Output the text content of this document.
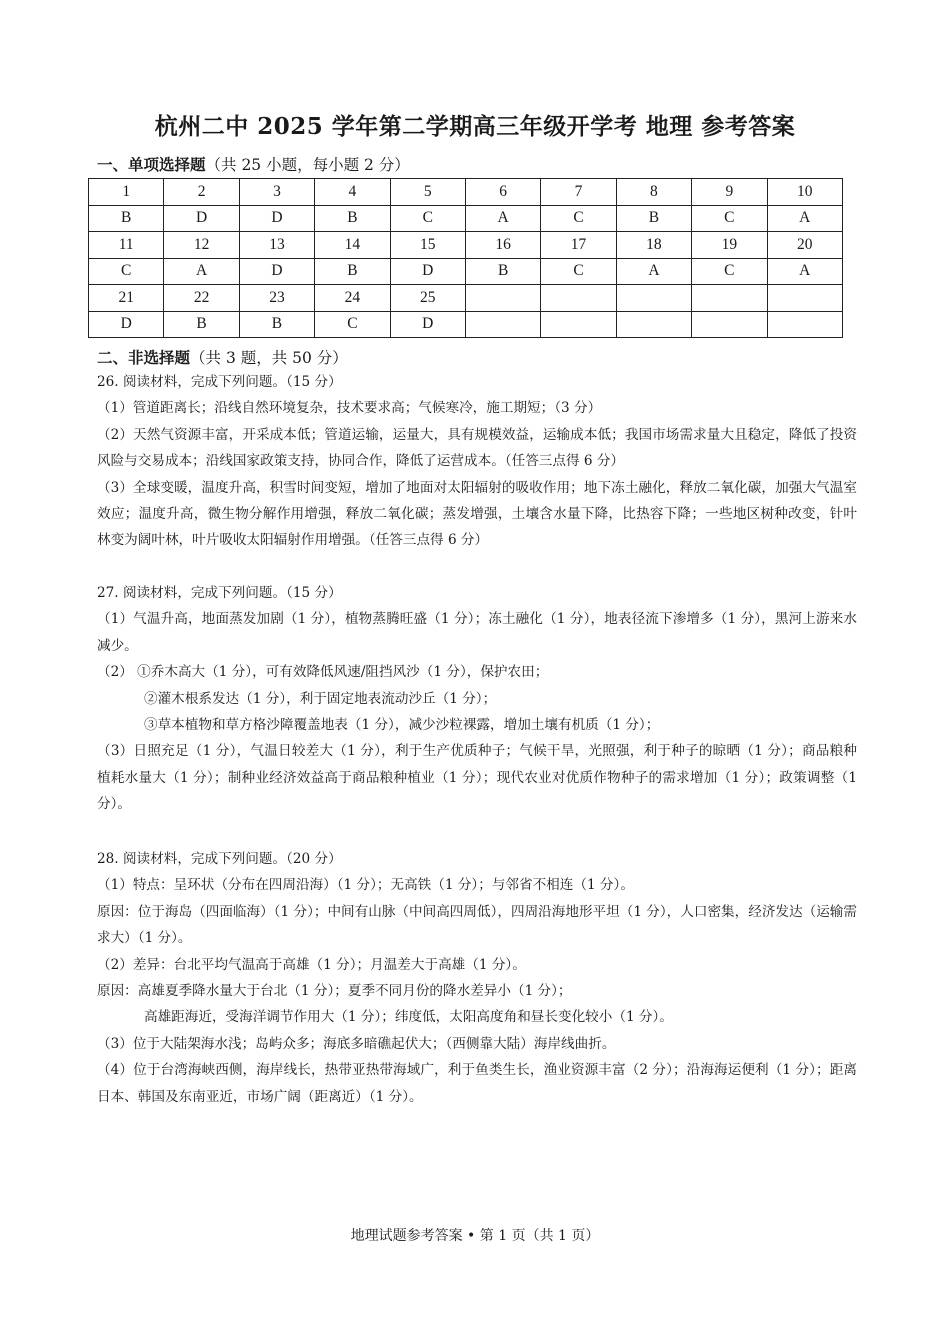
杭州二中 2025 学年第二学期高三年级开学考 地理 参考答案
一、单项选择题（共 25 小题，每小题 2 分）
1	2	3	4	5	6	7	8	9	10
B	D	D	B	C	A	C	B	C	A
11	12	13	14	15	16	17	18	19	20
C	A	D	B	D	B	C	A	C	A
21	22	23	24	25					
D	B	B	C	D					
二、非选择题（共 3 题，共 50 分）

26. 阅读材料，完成下列问题。（15 分）

（1）管道距离长；沿线自然环境复杂，技术要求高；气候寒冷，施工期短；（3 分）

（2）天然气资源丰富，开采成本低；管道运输，运量大，具有规模效益，运输成本低；我国市场需求量大且稳定，降低了投资风险与交易成本；沿线国家政策支持，协同合作，降低了运营成本。（任答三点得 6 分）

（3）全球变暖，温度升高，积雪时间变短，增加了地面对太阳辐射的吸收作用；地下冻土融化，释放二氧化碳，加强大气温室效应；温度升高，微生物分解作用增强，释放二氧化碳；蒸发增强，土壤含水量下降，比热容下降；一些地区树种改变，针叶林变为阔叶林，叶片吸收太阳辐射作用增强。（任答三点得 6 分）

27. 阅读材料，完成下列问题。（15 分）

（1）气温升高，地面蒸发加剧（1 分），植物蒸腾旺盛（1 分）；冻土融化（1 分），地表径流下渗增多（1 分），黑河上游来水减少。

（2） ①乔木高大（1 分），可有效降低风速/阻挡风沙（1 分），保护农田；

②灌木根系发达（1 分），利于固定地表流动沙丘（1 分）；

③草本植物和草方格沙障覆盖地表（1 分），减少沙粒裸露，增加土壤有机质（1 分）；

（3）日照充足（1 分），气温日较差大（1 分），利于生产优质种子；气候干旱，光照强，利于种子的晾晒（1 分）；商品粮种植耗水量大（1 分）；制种业经济效益高于商品粮种植业（1 分）；现代农业对优质作物种子的需求增加（1 分）；政策调整（1 分）。

28. 阅读材料，完成下列问题。（20 分）

（1）特点：呈环状（分布在四周沿海）（1 分）；无高铁（1 分）；与邻省不相连（1 分）。

原因：位于海岛（四面临海）（1 分）；中间有山脉（中间高四周低），四周沿海地形平坦（1 分），人口密集，经济发达（运输需求大）（1 分）。

（2）差异：台北平均气温高于高雄（1 分）；月温差大于高雄（1 分）。

原因：高雄夏季降水量大于台北（1 分）；夏季不同月份的降水差异小（1 分）；

高雄距海近，受海洋调节作用大（1 分）；纬度低，太阳高度角和昼长变化较小（1 分）。

（3）位于大陆架海水浅；岛屿众多；海底多暗礁起伏大；（西侧靠大陆）海岸线曲折。

（4）位于台湾海峡西侧，海岸线长，热带亚热带海域广，利于鱼类生长，渔业资源丰富（2 分）；沿海海运便利（1 分）；距离日本、韩国及东南亚近，市场广阔（距离近）（1 分）。

地理试题参考答案 • 第 1 页（共 1 页）
